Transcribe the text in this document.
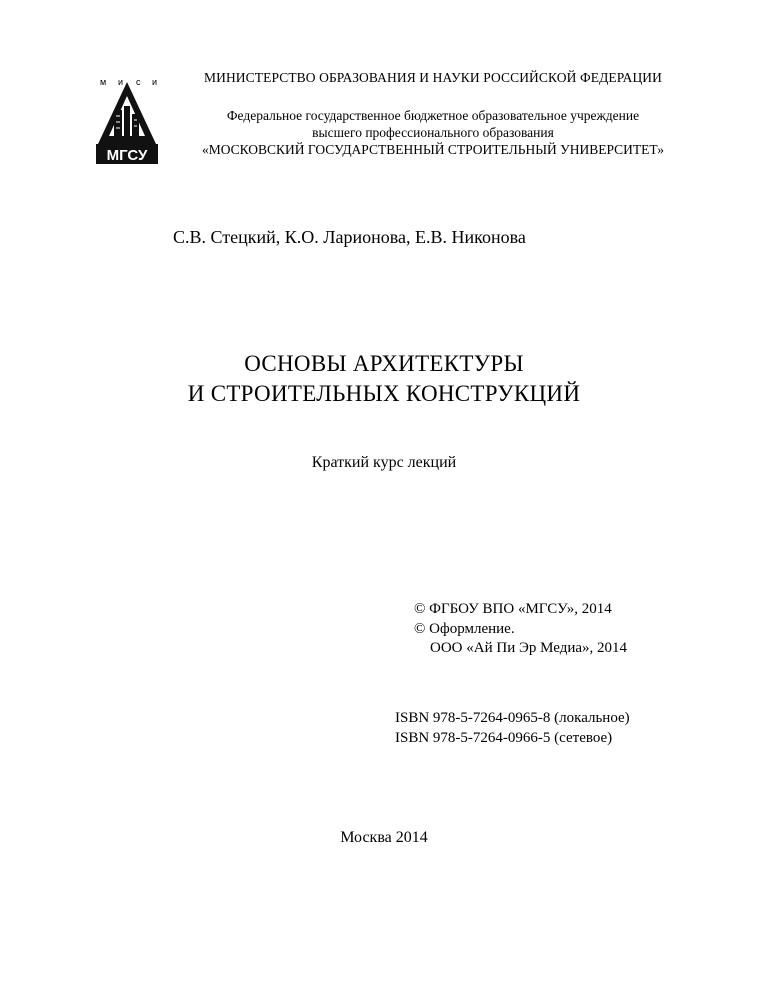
м и с и
МГСУ
МИНИСТЕРСТВО ОБРАЗОВАНИЯ И НАУКИ РОССИЙСКОЙ ФЕДЕРАЦИИ
Федеральное государственное бюджетное образовательное учреждение
высшего профессионального образования
«МОСКОВСКИЙ ГОСУДАРСТВЕННЫЙ СТРОИТЕЛЬНЫЙ УНИВЕРСИТЕТ»
С.В. Стецкий, К.О. Ларионова, Е.В. Никонова
ОСНОВЫ АРХИТЕКТУРЫ
И СТРОИТЕЛЬНЫХ КОНСТРУКЦИЙ
Краткий курс лекций
© ФГБОУ ВПО «МГСУ», 2014
© Оформление.
ООО «Ай Пи Эр Медиа», 2014
ISBN 978-5-7264-0965-8 (локальное)
ISBN 978-5-7264-0966-5 (сетевое)
Москва 2014
